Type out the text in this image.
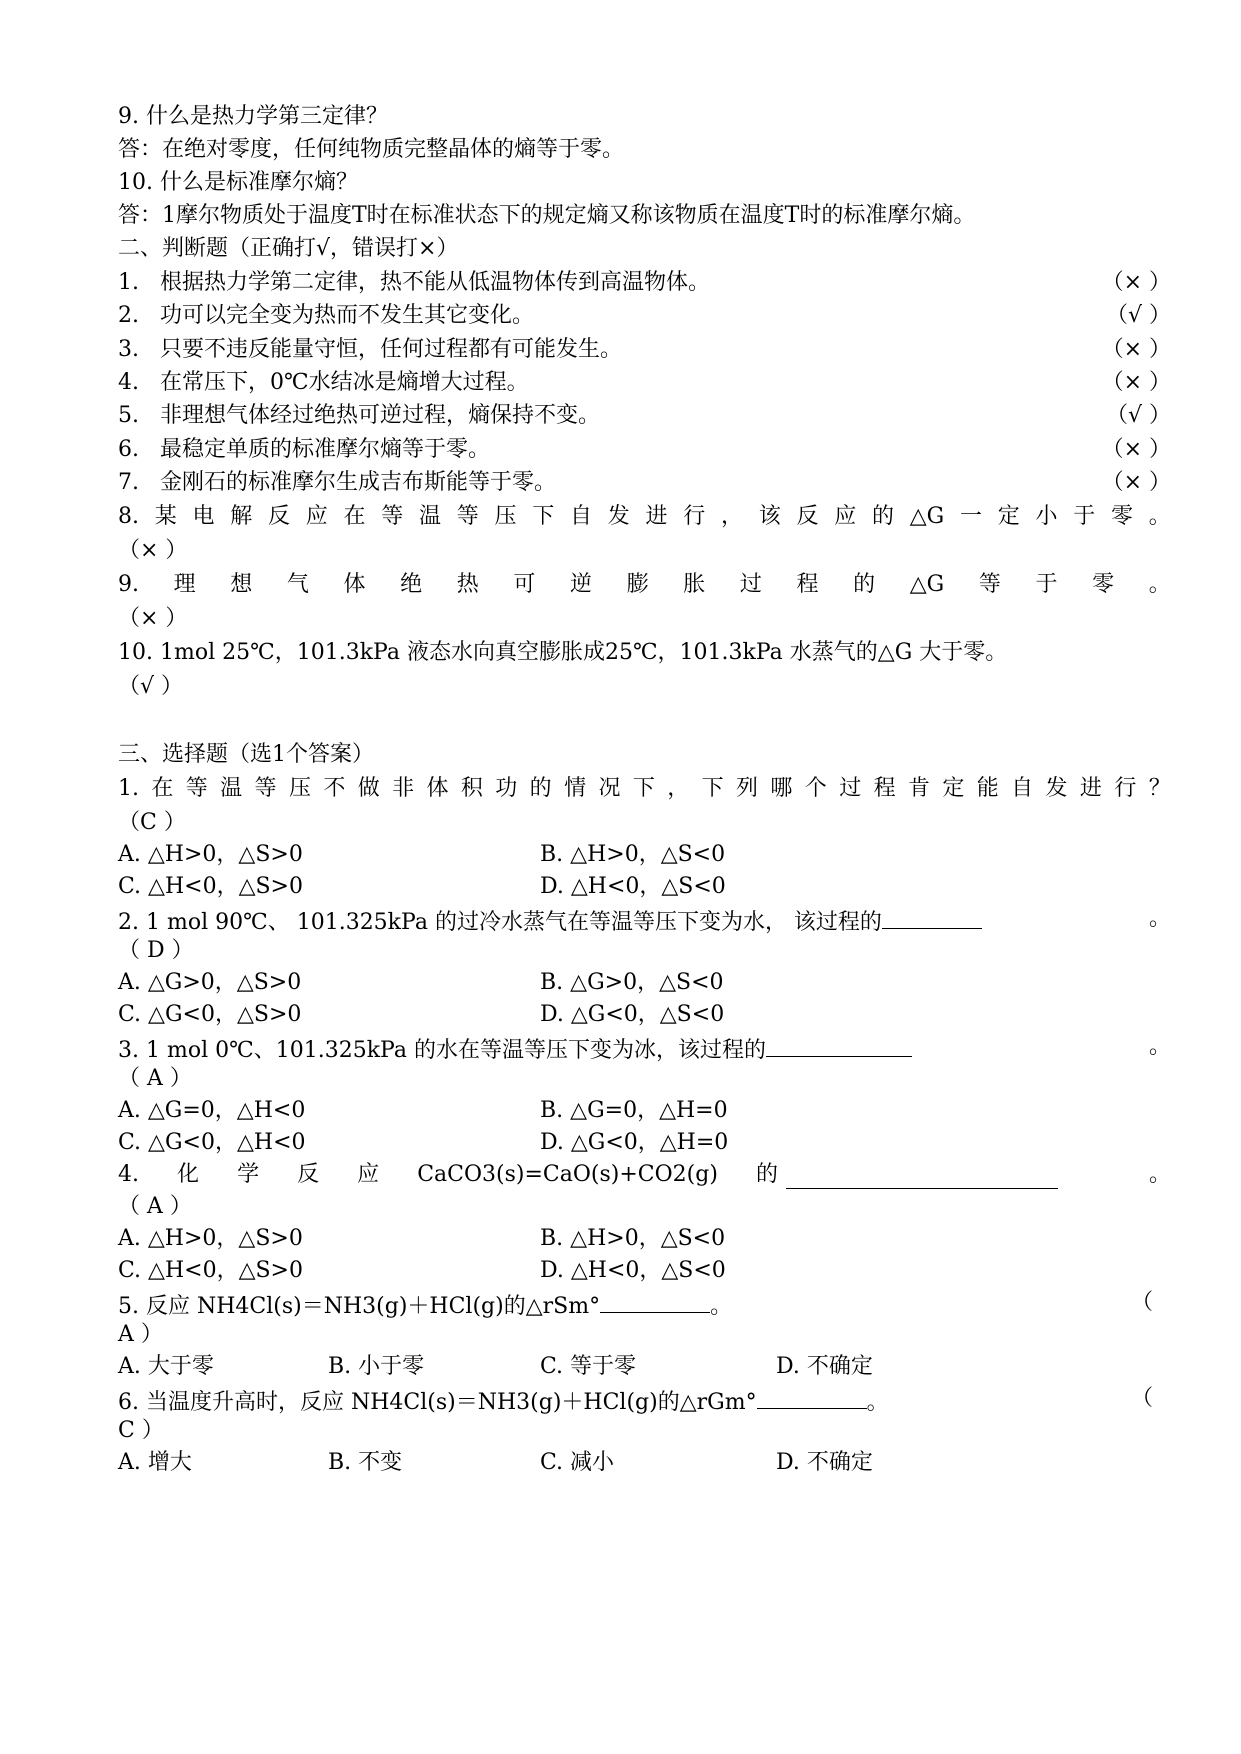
9. 什么是热力学第三定律？
答：在绝对零度，任何纯物质完整晶体的熵等于零。
10. 什么是标准摩尔熵？
答：1摩尔物质处于温度T时在标准状态下的规定熵又称该物质在温度T时的标准摩尔熵。
二、判断题（正确打√，错误打×）
1. 根据热力学第二定律，热不能从低温物体传到高温物体。	（× ）
2. 功可以完全变为热而不发生其它变化。	（√ ）
3. 只要不违反能量守恒，任何过程都有可能发生。	（× ）
4. 在常压下，0℃水结冰是熵增大过程。	（× ）
5. 非理想气体经过绝热可逆过程，熵保持不变。	（√ ）
6. 最稳定单质的标准摩尔熵等于零。	（× ）
7. 金刚石的标准摩尔生成吉布斯能等于零。	（× ）
8. 某 电 解 反 应 在 等 温 等 压 下 自 发 进 行 ， 该 反 应 的 △G 一 定 小 于 零 。
（× ）
9. 理 想 气 体 绝 热 可 逆 膨 胀 过 程 的 △G 等 于 零 。
（× ）
10. 1mol 25℃，101.3kPa 液态水向真空膨胀成25℃，101.3kPa 水蒸气的△G 大于零。
（√ ）
三、选择题（选1个答案）
1. 在 等 温 等 压 不 做 非 体 积 功 的 情 况 下 ， 下 列 哪 个 过 程 肯 定 能 自 发 进 行 ？
（C ）
A. △H>0，△S>0	B. △H>0，△S<0
C. △H<0，△S>0	D. △H<0，△S<0
2. 1 mol 90℃、 101.325kPa 的过冷水蒸气在等温等压下变为水， 该过程的	。
（ D ）
A. △G>0，△S>0	B. △G>0，△S<0
C. △G<0，△S>0	D. △G<0，△S<0
3. 1 mol 0℃、101.325kPa 的水在等温等压下变为冰，该过程的	。
（ A ）
A. △G=0，△H<0	B. △G=0，△H=0
C. △G<0，△H<0	D. △G<0，△H=0
4. 化 学 反 应 CaCO3(s)=CaO(s)+CO2(g) 的	。
（ A ）
A. △H>0，△S>0	B. △H>0，△S<0
C. △H<0，△S>0	D. △H<0，△S<0
5. 反应 NH4Cl(s)＝NH3(g)＋HCl(g)的△rSm°	。	（
A ）
A. 大于零	B. 小于零	C. 等于零	D. 不确定
6. 当温度升高时，反应 NH4Cl(s)＝NH3(g)＋HCl(g)的△rGm°	。	（
C ）
A. 增大	B. 不变	C. 减小	D. 不确定
